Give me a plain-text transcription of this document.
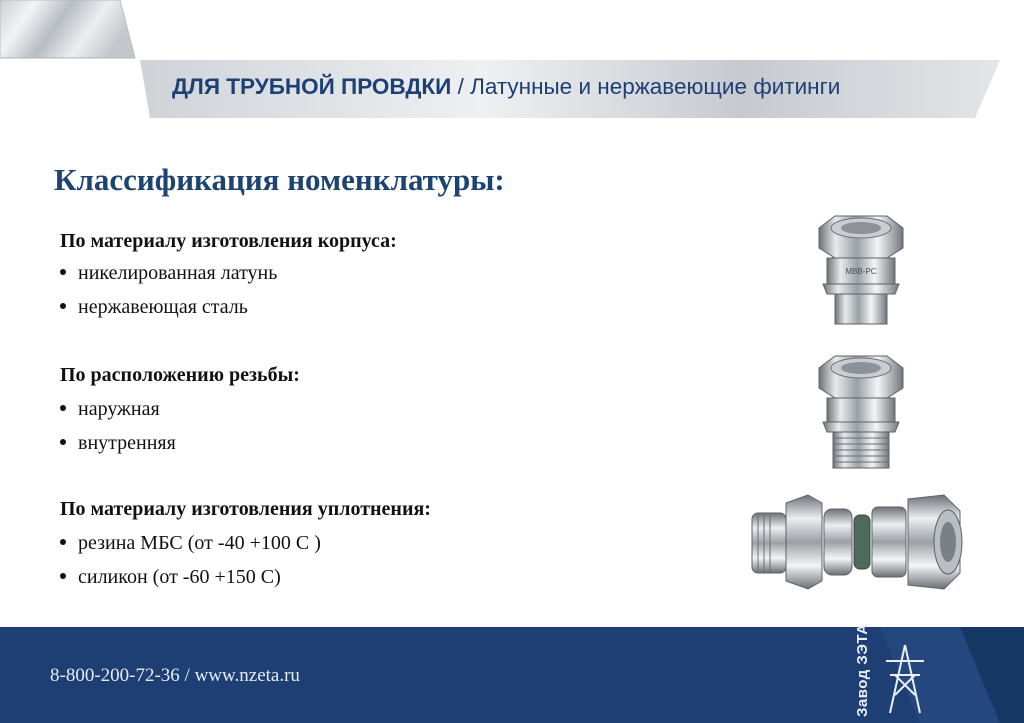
ДЛЯ ТРУБНОЙ ПРОВДКИ / Латунные и нержавеющие фитинги
Классификация номенклатуры:
По материалу изготовления корпуса:
никелированная латунь
нержавеющая сталь
По расположению резьбы:
наружная
внутренняя
По материалу изготовления уплотнения:
резина МБС (от -40 +100 С )
силикон (от -60 +150 С)
MBB-PC
8-800-200-72-36 / www.nzeta.ru	Завод ЗЭТА
